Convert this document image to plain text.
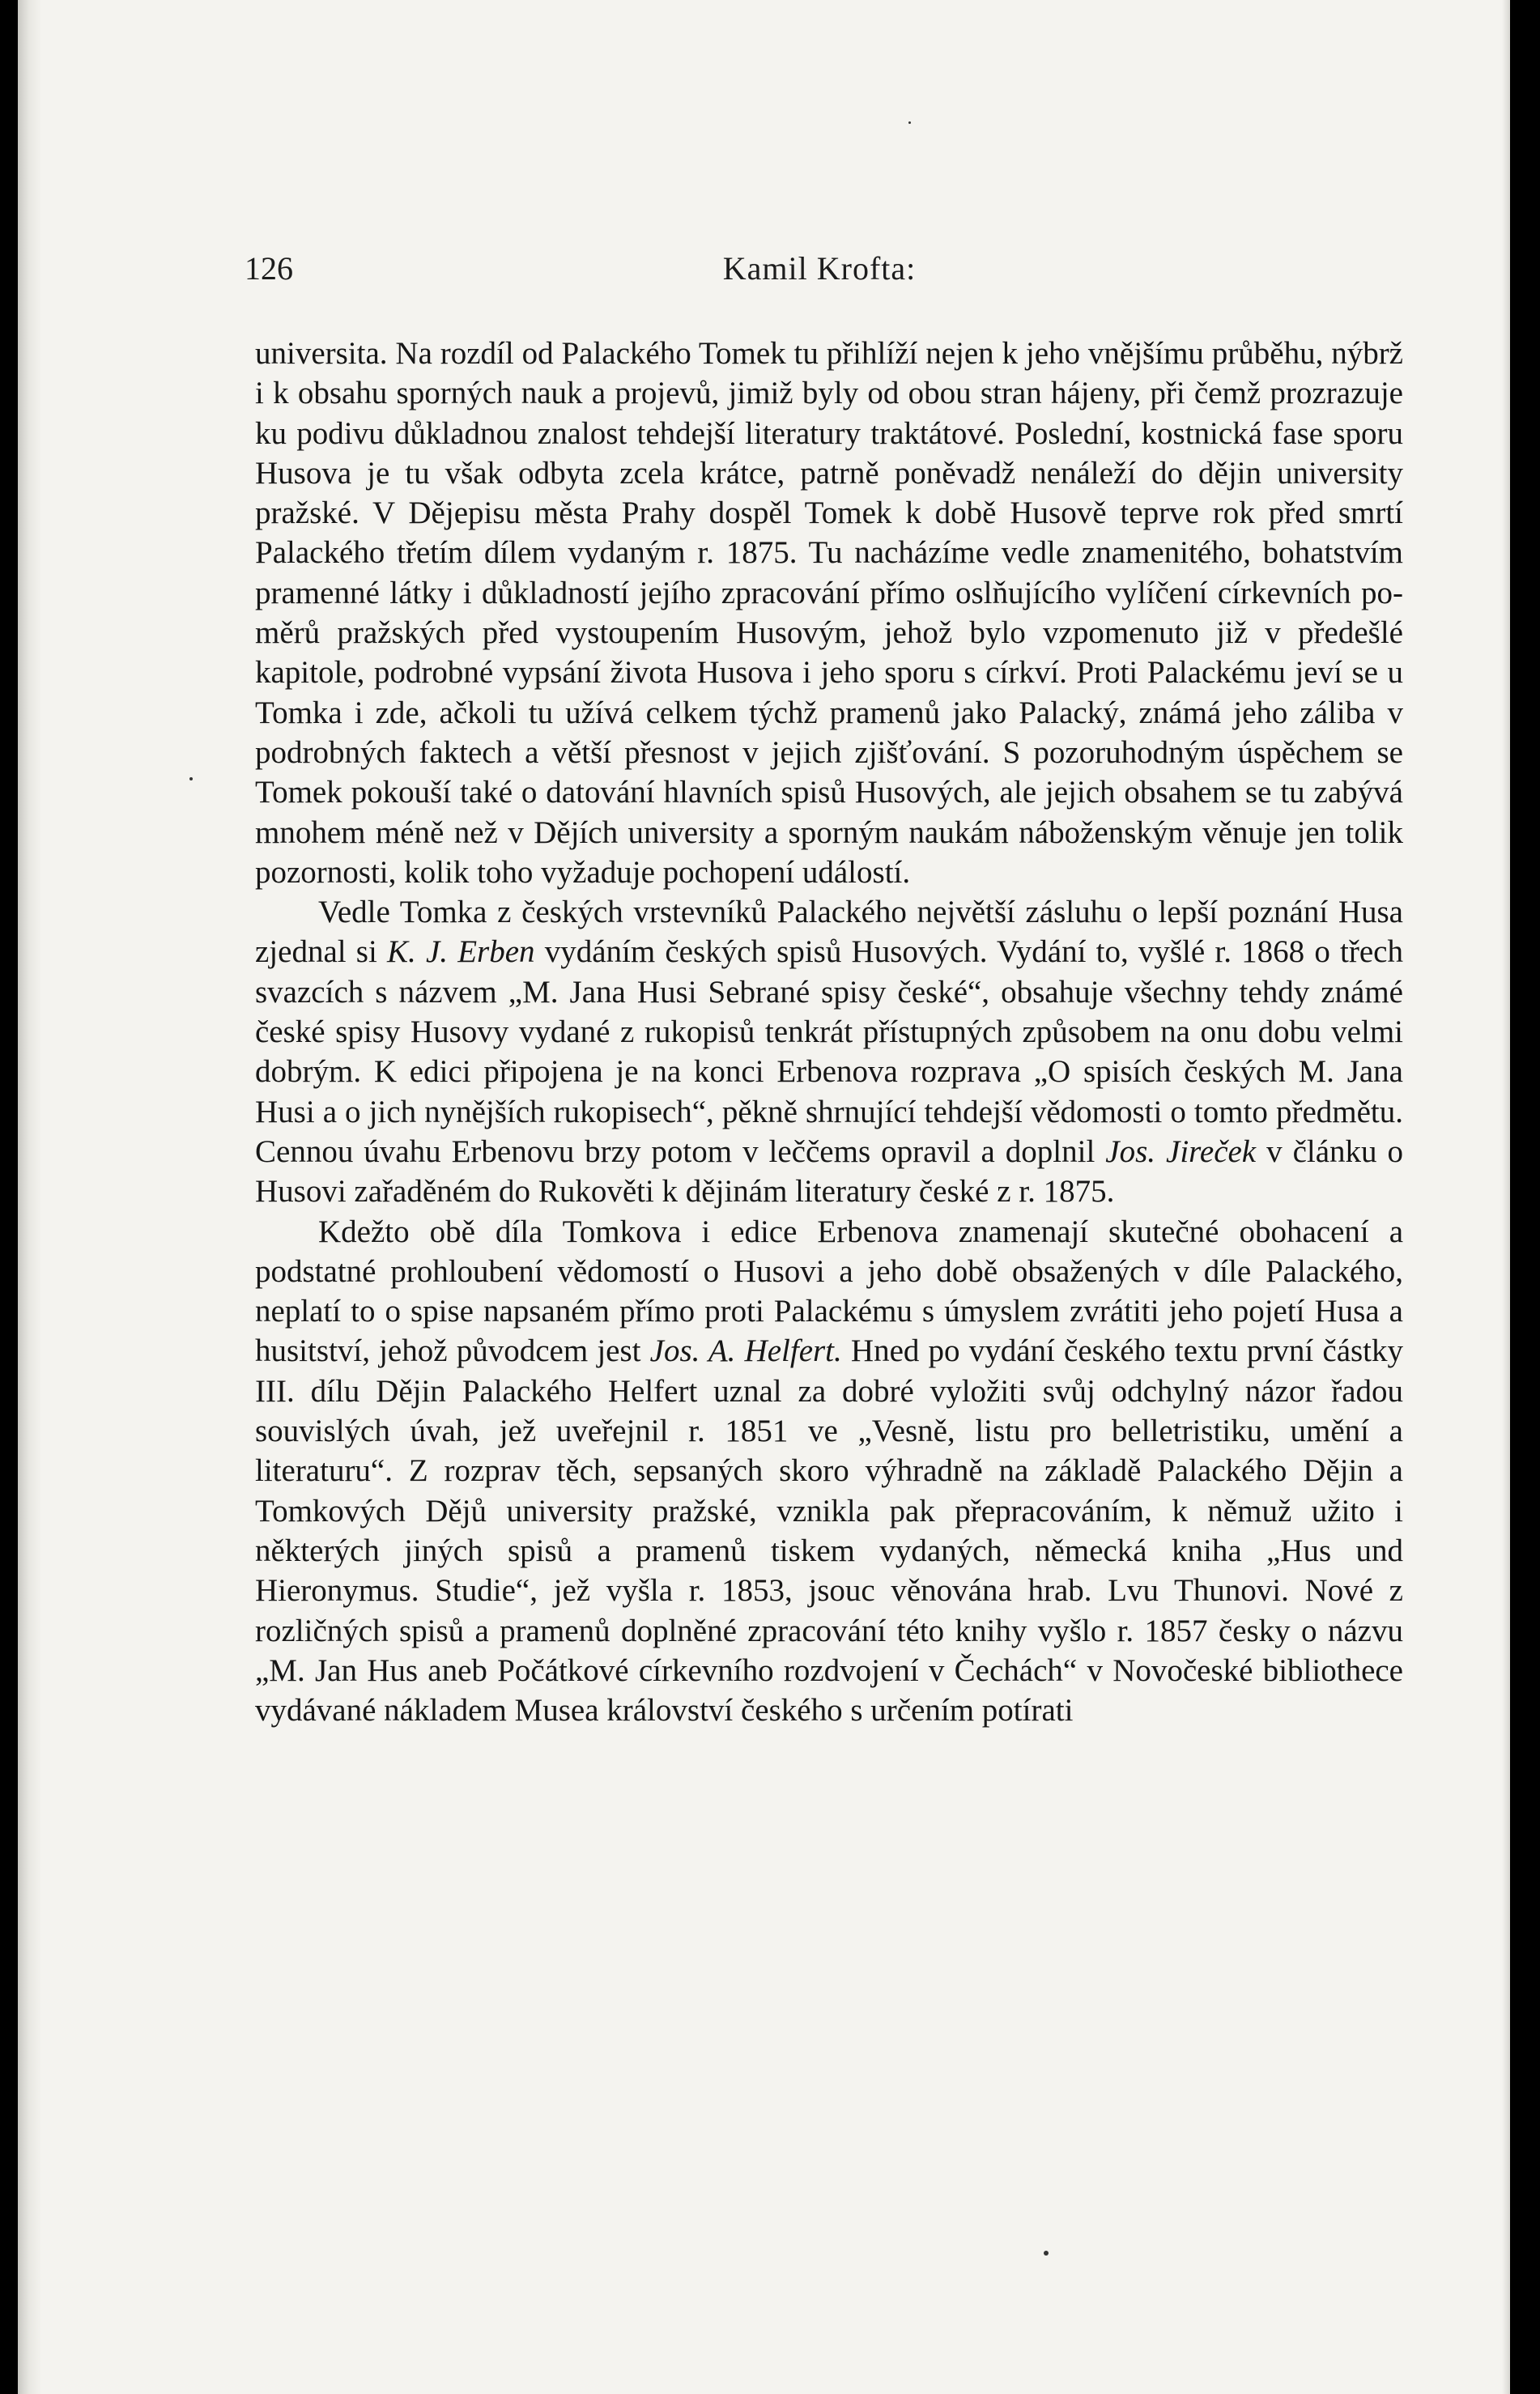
126	Kamil Krofta:

universita. Na rozdíl od Palackého Tomek tu přihlíží nejen k jeho vnějšímu průběhu, nýbrž i k obsahu sporných nauk a projevů, jimiž byly od obou stran hájeny, při čemž prozrazuje ku podivu důkladnou znalost tehdejší literatury traktátové. Poslední, kostnická fase sporu Husova je tu však odbyta zcela krátce, patrně poněvadž nenáleží do dějin university pražské. V Dějepisu města Prahy dospěl Tomek k době Husově teprve rok před smrtí Palackého třetím dílem vydaným r. 1875. Tu nacházíme vedle znamenitého, bohatstvím pramenné látky i důkladností jejího zpracování přímo oslňujícího vylíčení církevních poměrů pražských před vystoupením Husovým, jehož bylo vzpomenuto již v předešlé kapitole, podrobné vypsání života Husova i jeho sporu s církví. Proti Palackému jeví se u Tomka i zde, ačkoli tu užívá celkem týchž pramenů jako Palacký, známá jeho záliba v podrobných faktech a větší přesnost v jejich zjišťování. S pozoruhodným úspěchem se Tomek pokouší také o datování hlavních spisů Husových, ale jejich obsahem se tu zabývá mnohem méně než v Dějích university a sporným naukám náboženským věnuje jen tolik pozornosti, kolik toho vyžaduje pochopení událostí.

Vedle Tomka z českých vrstevníků Palackého největší zásluhu o lepší poznání Husa zjednal si K. J. Erben vydáním českých spisů Husových. Vydání to, vyšlé r. 1868 o třech svazcích s názvem „M. Jana Husi Sebrané spisy české“, obsahuje všechny tehdy známé české spisy Husovy vydané z rukopisů tenkrát přístupných způsobem na onu dobu velmi dobrým. K edici připojena je na konci Erbenova rozprava „O spisích českých M. Jana Husi a o jich nynějších rukopisech“, pěkně shrnující tehdejší vědomosti o tomto předmětu. Cennou úvahu Erbenovu brzy potom v leččems opravil a doplnil Jos. Jireček v článku o Husovi zařaděném do Rukověti k dějinám literatury české z r. 1875.

Kdežto obě díla Tomkova i edice Erbenova znamenají skutečné obohacení a podstatné prohloubení vědomostí o Husovi a jeho době obsažených v díle Palackého, neplatí to o spise napsaném přímo proti Palackému s úmyslem zvrátiti jeho pojetí Husa a husitství, jehož původcem jest Jos. A. Helfert. Hned po vydání českého textu první částky III. dílu Dějin Palackého Helfert uznal za dobré vyložiti svůj odchylný názor řadou souvislých úvah, jež uveřejnil r. 1851 ve „Vesně, listu pro belletristiku, umění a literaturu“. Z rozprav těch, sepsaných skoro výhradně na základě Palackého Dějin a Tomkových Dějů university pražské, vznikla pak přepracováním, k němuž užito i některých jiných spisů a pramenů tiskem vydaných, německá kniha „Hus und Hieronymus. Studie“, jež vyšla r. 1853, jsouc věnována hrab. Lvu Thunovi. Nové z rozličných spisů a pramenů doplněné zpracování této knihy vyšlo r. 1857 česky o názvu „M. Jan Hus aneb Počátkové církevního rozdvojení v Čechách“ v Novočeské bibliothece vydávané nákladem Musea království českého s určením potírati
